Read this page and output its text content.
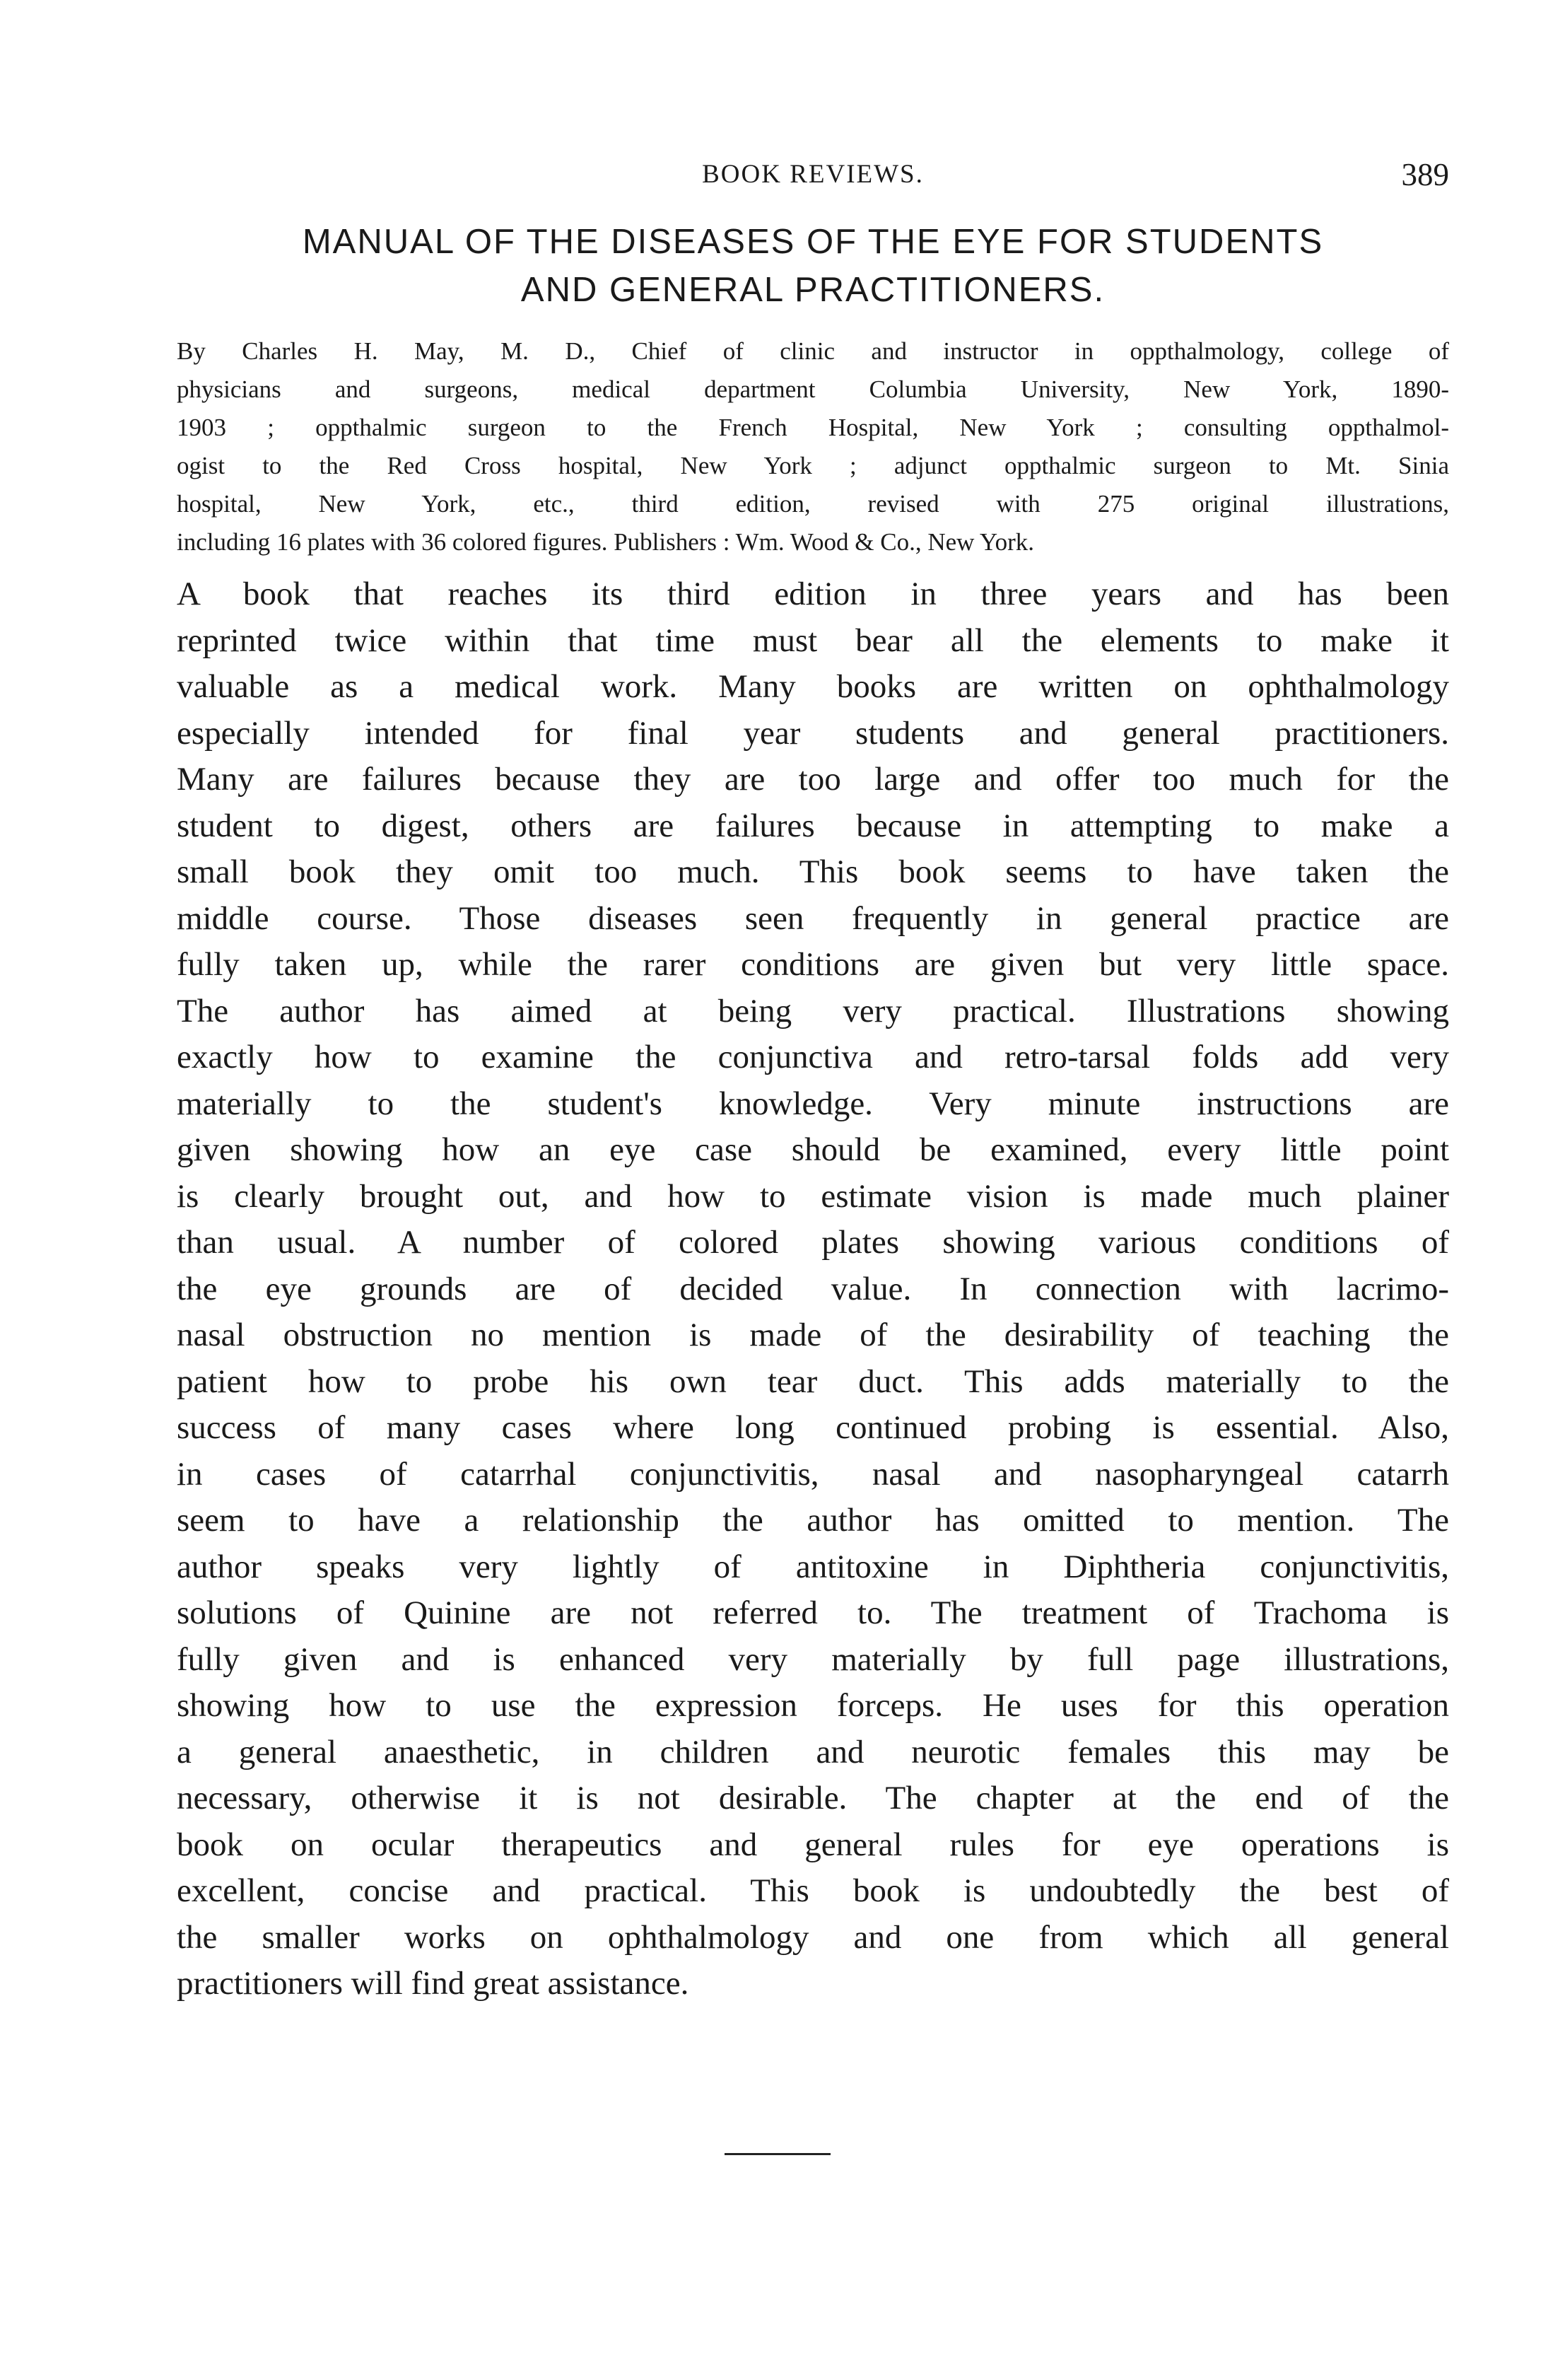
BOOK REVIEWS.	389
MANUAL OF THE DISEASES OF THE EYE FOR STUDENTS
AND GENERAL PRACTITIONERS.
By Charles H. May, M. D., Chief of clinic and instructor in oppthalmology, college of
physicians and surgeons, medical department Columbia University, New York, 1890-
1903 ; oppthalmic surgeon to the French Hospital, New York ; consulting oppthalmol-
ogist to the Red Cross hospital, New York ; adjunct oppthalmic surgeon to Mt. Sinia
hospital, New York, etc., third edition, revised with 275 original illustrations,
including 16 plates with 36 colored figures. Publishers : Wm. Wood & Co., New York.
A book that reaches its third edition in three years and has been
reprinted twice within that time must bear all the elements to make it
valuable as a medical work. Many books are written on ophthalmology
especially intended for final year students and general practitioners.
Many are failures because they are too large and offer too much for the
student to digest, others are failures because in attempting to make a
small book they omit too much. This book seems to have taken the
middle course. Those diseases seen frequently in general practice are
fully taken up, while the rarer conditions are given but very little space.
The author has aimed at being very practical. Illustrations showing
exactly how to examine the conjunctiva and retro-tarsal folds add very
materially to the student's knowledge. Very minute instructions are
given showing how an eye case should be examined, every little point
is clearly brought out, and how to estimate vision is made much plainer
than usual. A number of colored plates showing various conditions of
the eye grounds are of decided value. In connection with lacrimo-
nasal obstruction no mention is made of the desirability of teaching the
patient how to probe his own tear duct. This adds materially to the
success of many cases where long continued probing is essential. Also,
in cases of catarrhal conjunctivitis, nasal and nasopharyngeal catarrh
seem to have a relationship the author has omitted to mention. The
author speaks very lightly of antitoxine in Diphtheria conjunctivitis,
solutions of Quinine are not referred to. The treatment of Trachoma is
fully given and is enhanced very materially by full page illustrations,
showing how to use the expression forceps. He uses for this operation
a general anaesthetic, in children and neurotic females this may be
necessary, otherwise it is not desirable. The chapter at the end of the
book on ocular therapeutics and general rules for eye operations is
excellent, concise and practical. This book is undoubtedly the best of
the smaller works on ophthalmology and one from which all general
practitioners will find great assistance.
